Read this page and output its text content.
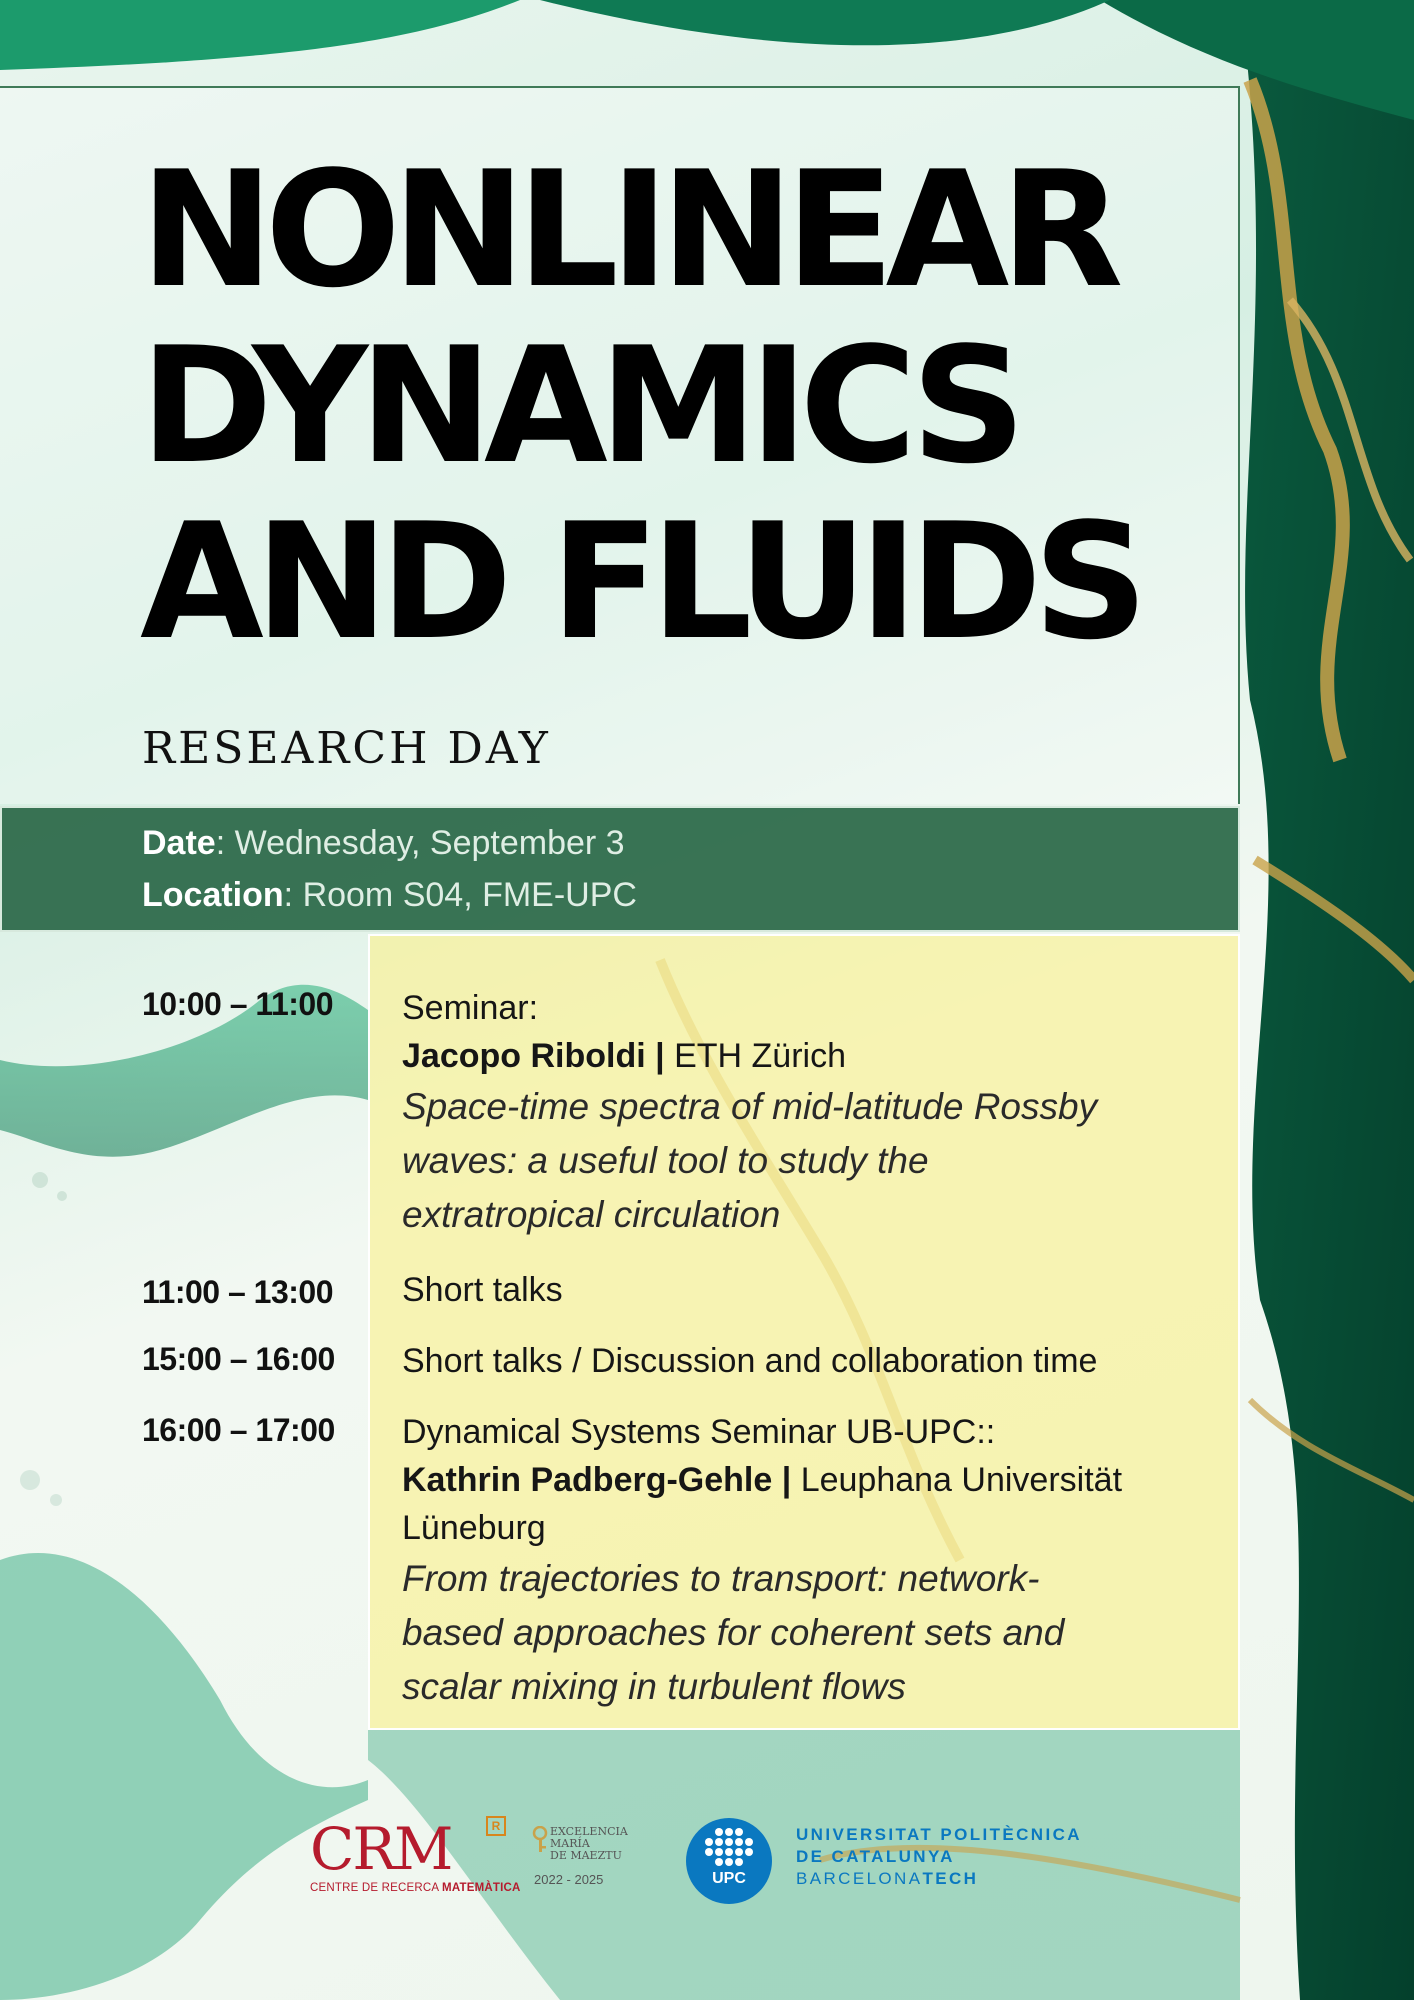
NONLINEAR
DYNAMICS
AND FLUIDS

RESEARCH DAY

Date: Wednesday, September 3
Location: Room S04, FME-UPC
10:00 – 11:00 Seminar:
Jacopo Riboldi | ETH Zürich
Space-time spectra of mid-latitude Rossby
waves: a useful tool to study the
extratropical circulation
11:00 – 13:00 Short talks
15:00 – 16:00 Short talks / Discussion and collaboration time
16:00 – 17:00 Dynamical Systems Seminar UB-UPC::
Kathrin Padberg-Gehle | Leuphana Universität
Lüneburg
From trajectories to transport: network-
based approaches for coherent sets and
scalar mixing in turbulent flows
CRM	R
CENTRE DE RECERCA MATEMÀTICA
EXCELENCIA
MARÍA
DE MAEZTU
2022 - 2025	UPC
UNIVERSITAT POLITÈCNICA
DE CATALUNYA
BARCELONATECH
